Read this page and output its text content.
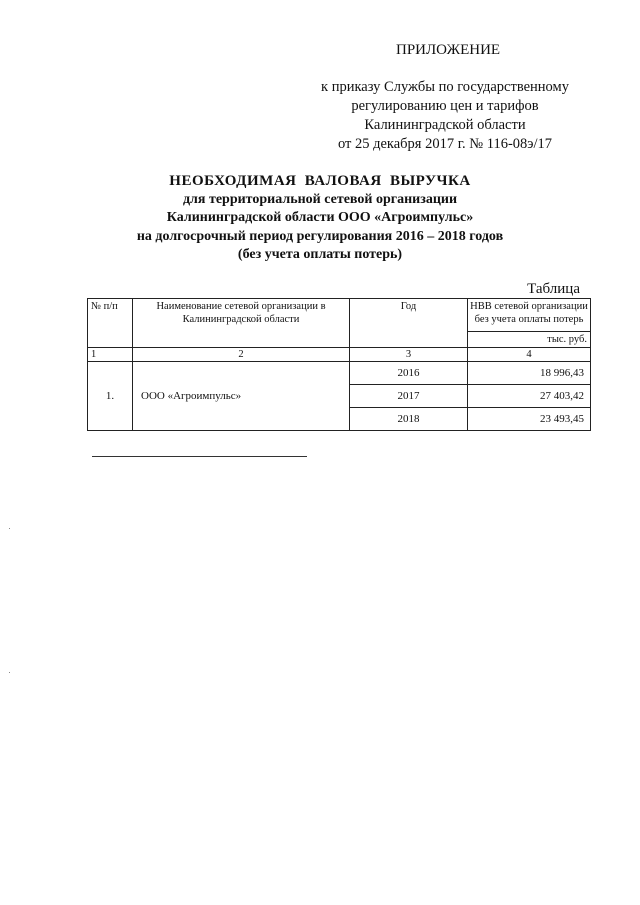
ПРИЛОЖЕНИЕ
к приказу Службы по государственному
регулированию цен и тарифов
Калининградской области
от 25 декабря 2017 г. № 116-08э/17
НЕОБХОДИМАЯ ВАЛОВАЯ ВЫРУЧКА
для территориальной сетевой организации
Калининградской области ООО «Агроимпульс»
на долгосрочный период регулирования 2016 – 2018 годов
(без учета оплаты потерь)
Таблица
№ п/п	Наименование сетевой организации в Калининградской области	Год	НВВ сетевой организации без учета оплаты потерь
тыс. руб.

1	2	3	4
1.	ООО «Агроимпульс»	2016	18 996,43
		2017	27 403,42
		2018	23 493,45
